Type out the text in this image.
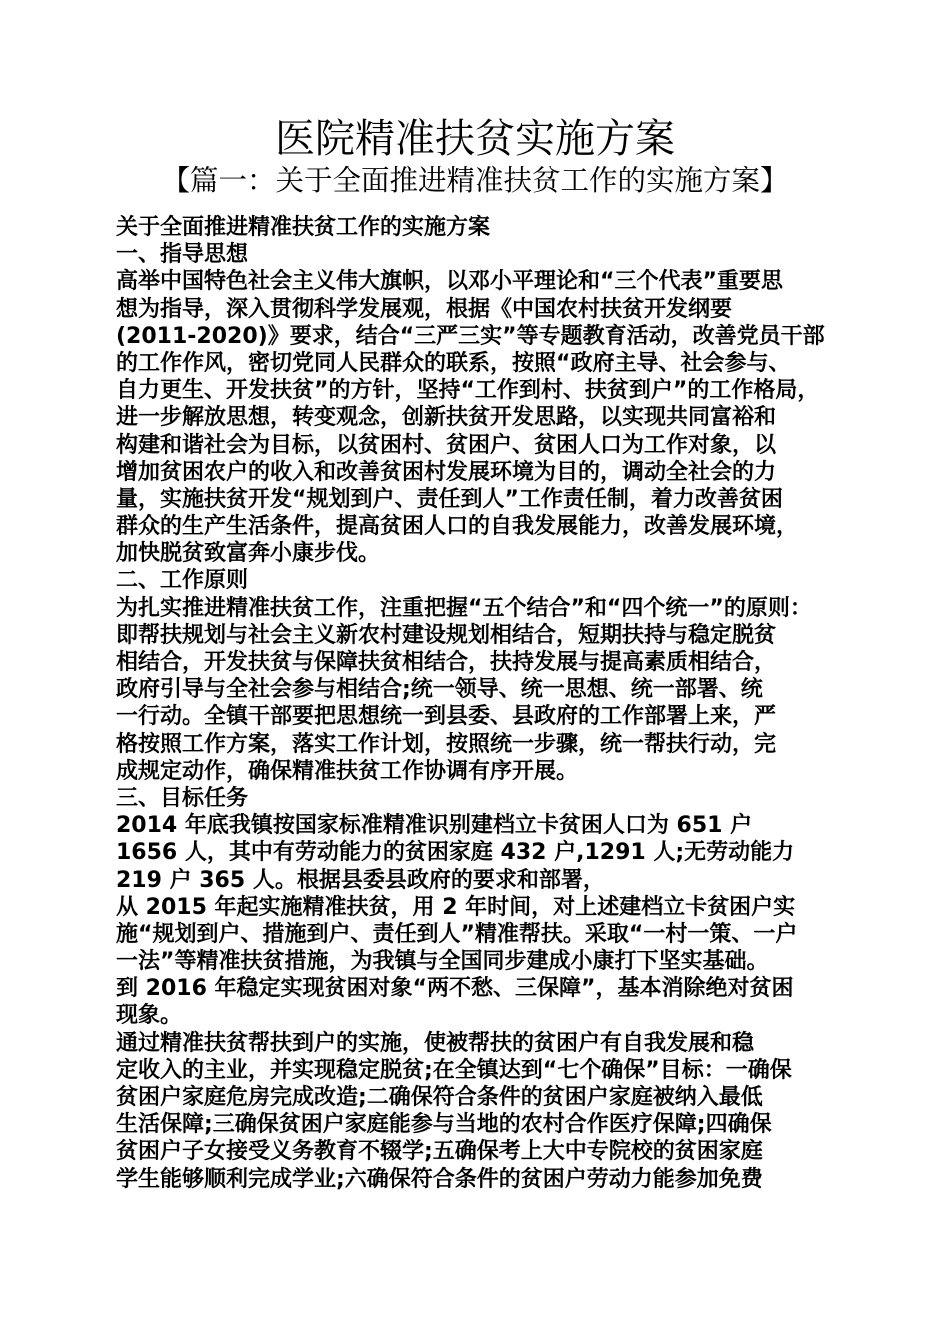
医院精准扶贫实施方案
【篇一：关于全面推进精准扶贫工作的实施方案】
关于全面推进精准扶贫工作的实施方案
一、指导思想
高举中国特色社会主义伟大旗帜，以邓小平理论和“三个代表”重要思
想为指导，深入贯彻科学发展观，根据《中国农村扶贫开发纲要
(2011-2020)》要求，结合“三严三实”等专题教育活动，改善党员干部
的工作作风，密切党同人民群众的联系，按照“政府主导、社会参与、
自力更生、开发扶贫”的方针，坚持“工作到村、扶贫到户”的工作格局，
进一步解放思想，转变观念，创新扶贫开发思路，以实现共同富裕和
构建和谐社会为目标，以贫困村、贫困户、贫困人口为工作对象，以
增加贫困农户的收入和改善贫困村发展环境为目的，调动全社会的力
量，实施扶贫开发“规划到户、责任到人”工作责任制，着力改善贫困
群众的生产生活条件，提高贫困人口的自我发展能力，改善发展环境，
加快脱贫致富奔小康步伐。
二、工作原则
为扎实推进精准扶贫工作，注重把握“五个结合”和“四个统一”的原则：
即帮扶规划与社会主义新农村建设规划相结合，短期扶持与稳定脱贫
相结合，开发扶贫与保障扶贫相结合，扶持发展与提高素质相结合，
政府引导与全社会参与相结合;统一领导、统一思想、统一部署、统
一行动。全镇干部要把思想统一到县委、县政府的工作部署上来，严
格按照工作方案，落实工作计划，按照统一步骤，统一帮扶行动，完
成规定动作，确保精准扶贫工作协调有序开展。
三、目标任务
2014 年底我镇按国家标准精准识别建档立卡贫困人口为 651 户
1656 人，其中有劳动能力的贫困家庭 432 户,1291 人;无劳动能力
219 户 365 人。根据县委县政府的要求和部署，
从 2015 年起实施精准扶贫，用 2 年时间，对上述建档立卡贫困户实
施“规划到户、措施到户、责任到人”精准帮扶。采取“一村一策、一户
一法”等精准扶贫措施，为我镇与全国同步建成小康打下坚实基础。
到 2016 年稳定实现贫困对象“两不愁、三保障”，基本消除绝对贫困
现象。
通过精准扶贫帮扶到户的实施，使被帮扶的贫困户有自我发展和稳
定收入的主业，并实现稳定脱贫;在全镇达到“七个确保”目标：一确保
贫困户家庭危房完成改造;二确保符合条件的贫困户家庭被纳入最低
生活保障;三确保贫困户家庭能参与当地的农村合作医疗保障;四确保
贫困户子女接受义务教育不辍学;五确保考上大中专院校的贫困家庭
学生能够顺利完成学业;六确保符合条件的贫困户劳动力能参加免费
